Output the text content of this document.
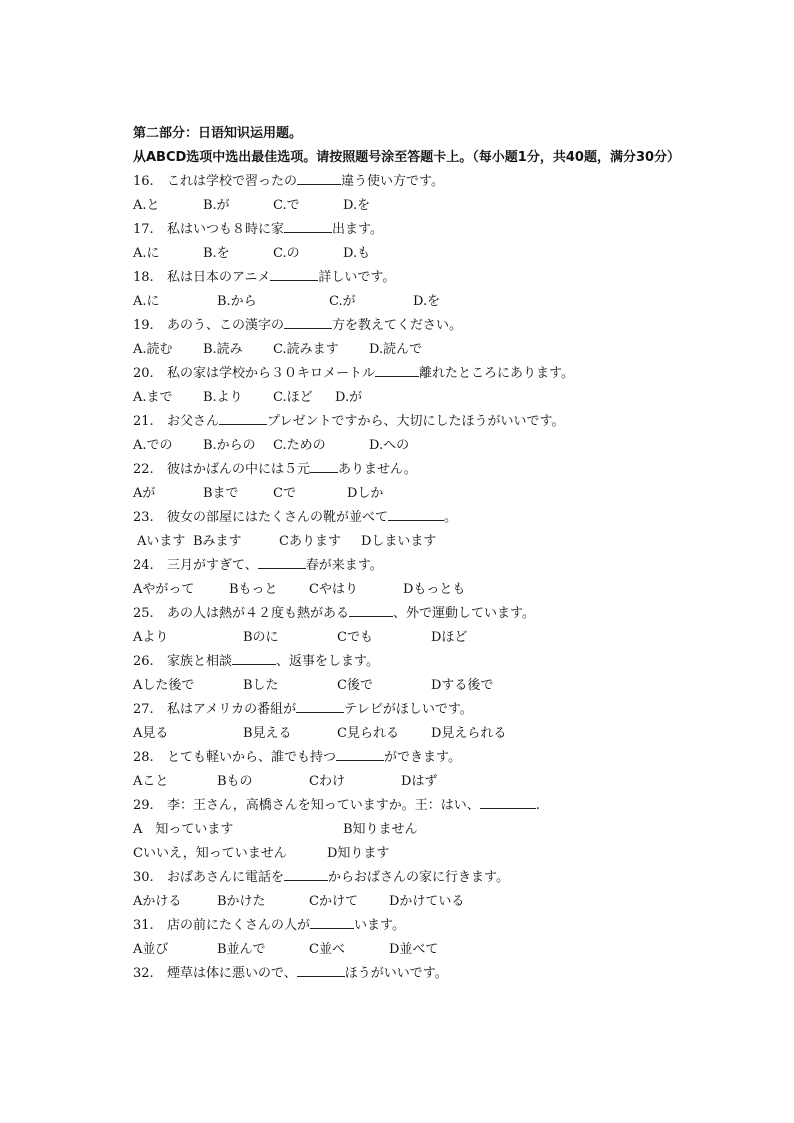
第二部分：日语知识运用题。

从ABCD选项中选出最佳选项。请按照题号涂至答题卡上。（每小题1分，共40题，满分30分）

16. これは学校で習ったの	違う使い方です。
A.と	B.が	C.で	D.を
17. 私はいつも８時に家	出ます。
A.に	B.を	C.の	D.も
18. 私は日本のアニメ	詳しいです。
A.に	B.から	C.が	D.を
19. あのう、この漢字の	方を教えてください。
A.読む B.読み C.読みます D.読んで
20. 私の家は学校から３０キロメートル	離れたところにあります。
A.まで B.より C.ほど D.が
21. お父さん	プレゼントですから、大切にしたほうがいいです。
A.での B.からの C.ための	D.への
22. 彼はかばんの中には５元 ありません。
Aが	Bまで	Cで	Dしか
23. 彼女の部屋にはたくさんの靴が並べて	。
Aいます Bみます	Cあります Dしまいます
24. 三月がすぎて、	春が来ます。
Aやがって	Bもっと Cやはり	Dもっとも
25. あの人は熱が４２度も熱がある	、外で運動しています。
Aより	Bのに	Cでも	Dほど
26. 家族と相談	、返事をします。
Aした後で	Bした	C後で	Dする後で
27. 私はアメリカの番組が	テレビがほしいです。
A見る	B見える	C見られる D見えられる
28. とても軽いから、誰でも持つ	ができます。
Aこと	Bもの	Cわけ	Dはず
29. 李：王さん，高橋さんを知っていますか。王：はい、	.
A　知っています	B知りません
Cいいえ，知っていません	D知ります
30. おばあさんに電話を	からおばさんの家に行きます。
Aかける	Bかけた	Cかけて Dかけている
31. 店の前にたくさんの人が	います。
A並び	B並んで	C並べ	D並べて
32. 煙草は体に悪いので、	ほうがいいです。
